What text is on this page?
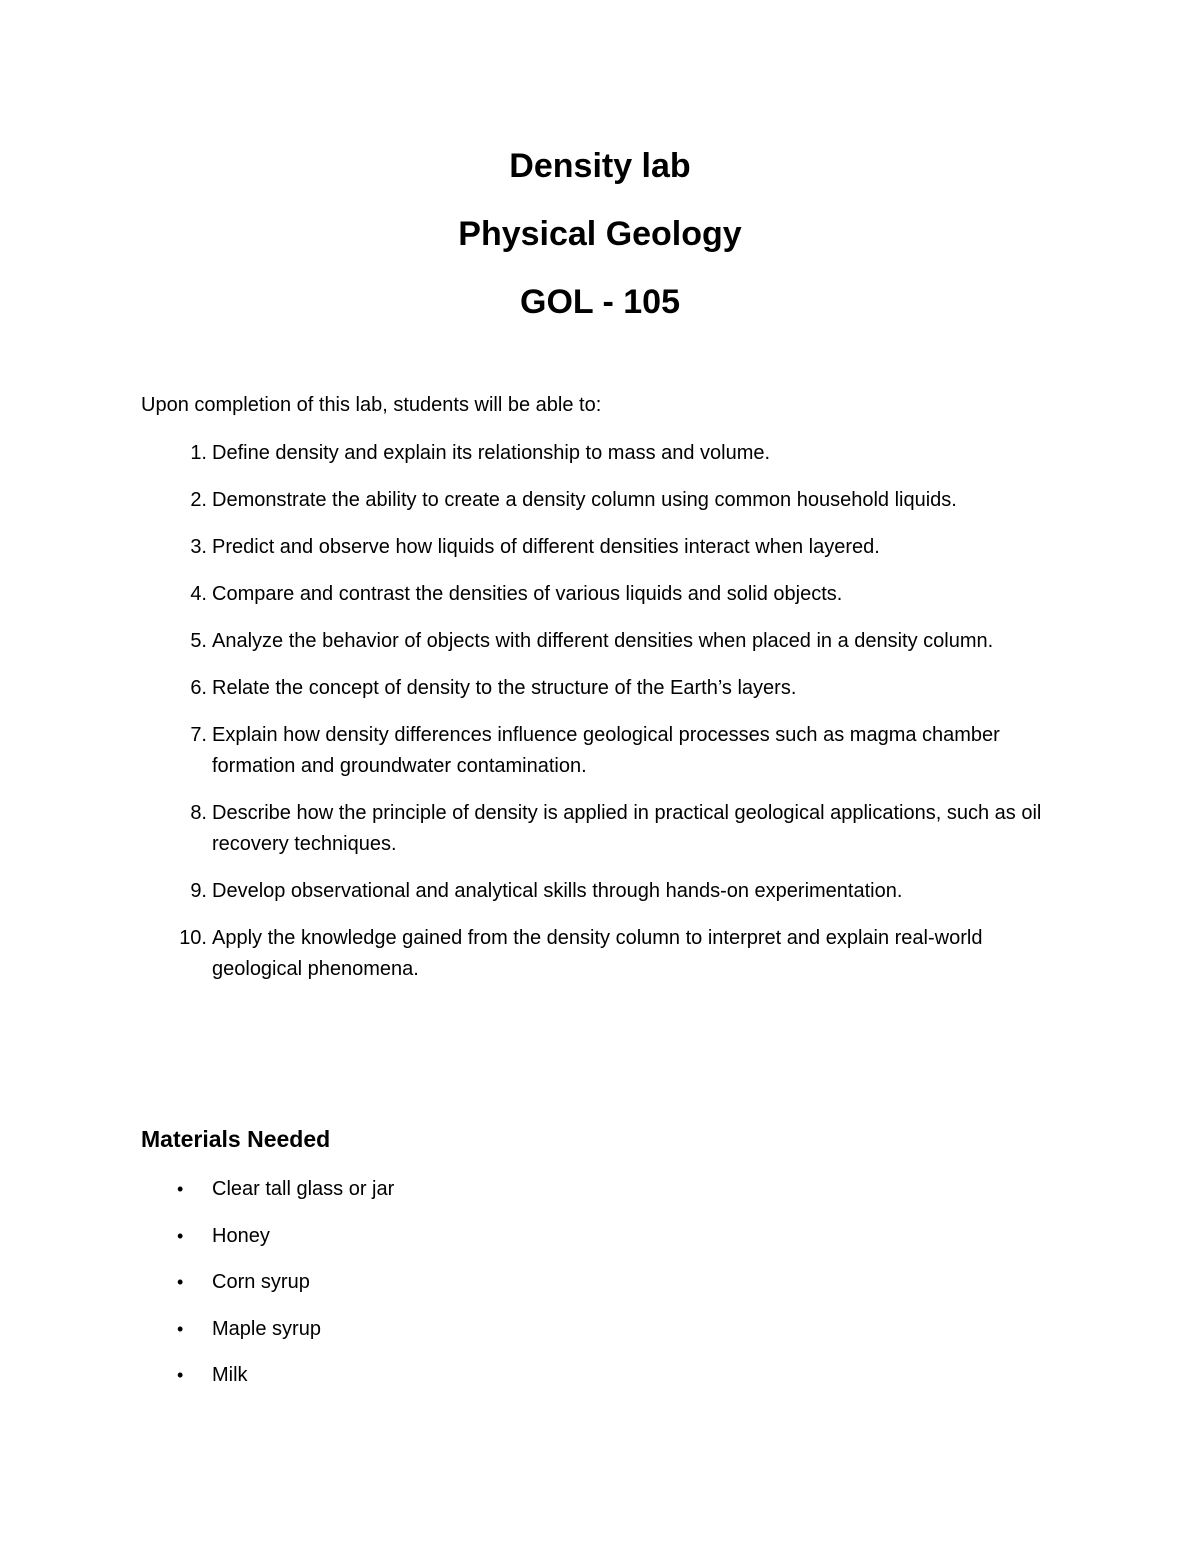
Density lab
Physical Geology
GOL - 105
Upon completion of this lab, students will be able to:
1. Define density and explain its relationship to mass and volume.
2. Demonstrate the ability to create a density column using common household liquids.
3. Predict and observe how liquids of different densities interact when layered.
4. Compare and contrast the densities of various liquids and solid objects.
5. Analyze the behavior of objects with different densities when placed in a density column.
6. Relate the concept of density to the structure of the Earth’s layers.
7. Explain how density differences influence geological processes such as magma chamber formation and groundwater contamination.
8. Describe how the principle of density is applied in practical geological applications, such as oil recovery techniques.
9. Develop observational and analytical skills through hands-on experimentation.
10. Apply the knowledge gained from the density column to interpret and explain real-world geological phenomena.
Materials Needed
• Clear tall glass or jar
• Honey
• Corn syrup
• Maple syrup
• Milk
